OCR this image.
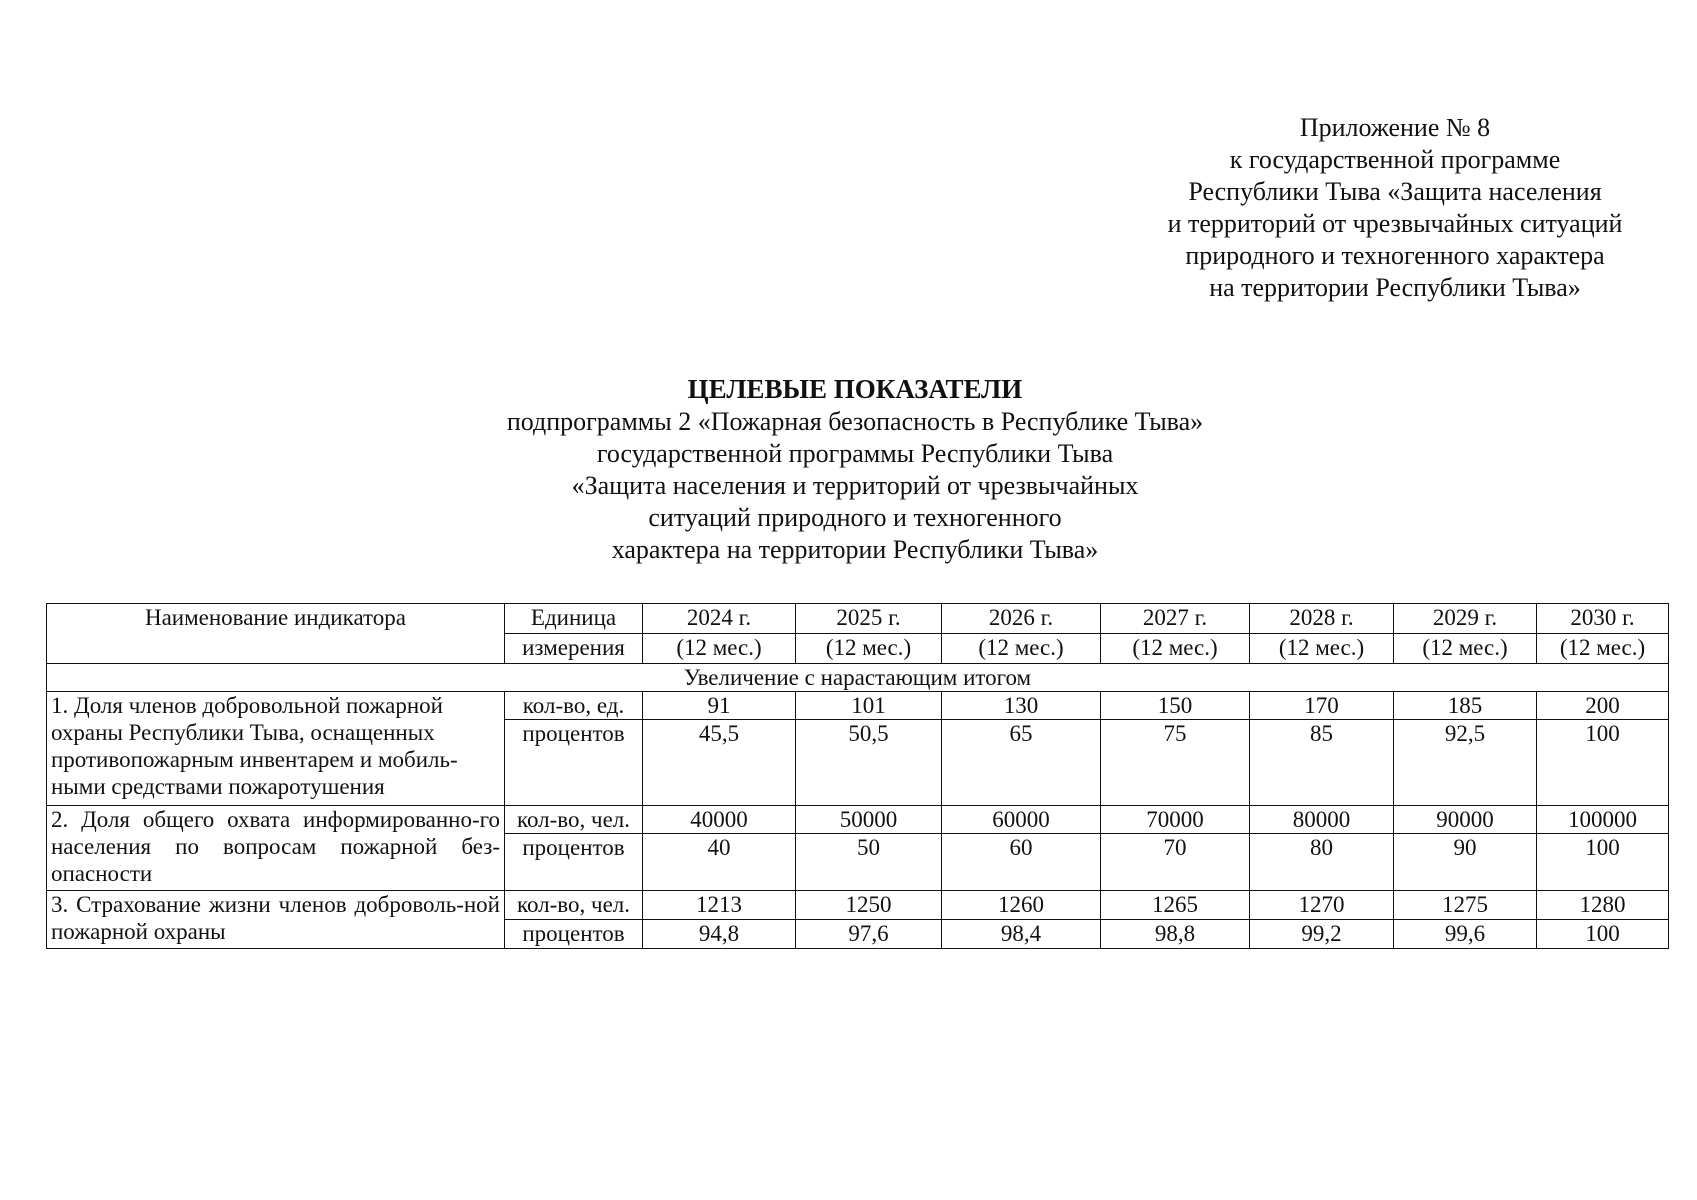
Приложение № 8
к государственной программе
Республики Тыва «Защита населения
и территорий от чрезвычайных ситуаций
природного и техногенного характера
на территории Республики Тыва»
ЦЕЛЕВЫЕ ПОКАЗАТЕЛИ
подпрограммы 2 «Пожарная безопасность в Республике Тыва»
государственной программы Республики Тыва
«Защита населения и территорий от чрезвычайных
ситуаций природного и техногенного
характера на территории Республики Тыва»
Наименование индикатора	Единица	2024 г.	2025 г.	2026 г.	2027 г.	2028 г.	2029 г.	2030 г.
	измерения	(12 мес.)	(12 мес.)	(12 мес.)	(12 мес.)	(12 мес.)	(12 мес.)	(12 мес.)
Увеличение с нарастающим итогом								
1. Доля членов добровольной пожарной охраны Республики Тыва, оснащенных противопожарным инвентарем и мобиль-ными средствами пожаротушения	кол-во, ед.	91	101	130	150	170	185	200
	процентов	45,5	50,5	65	75	85	92,5	100
2. Доля общего охвата информированно-го населения по вопросам пожарной без-опасности	кол-во, чел.	40000	50000	60000	70000	80000	90000	100000
	процентов	40	50	60	70	80	90	100
3. Страхование жизни членов доброволь-ной пожарной охраны	кол-во, чел.	1213	1250	1260	1265	1270	1275	1280
	процентов	94,8	97,6	98,4	98,8	99,2	99,6	100
